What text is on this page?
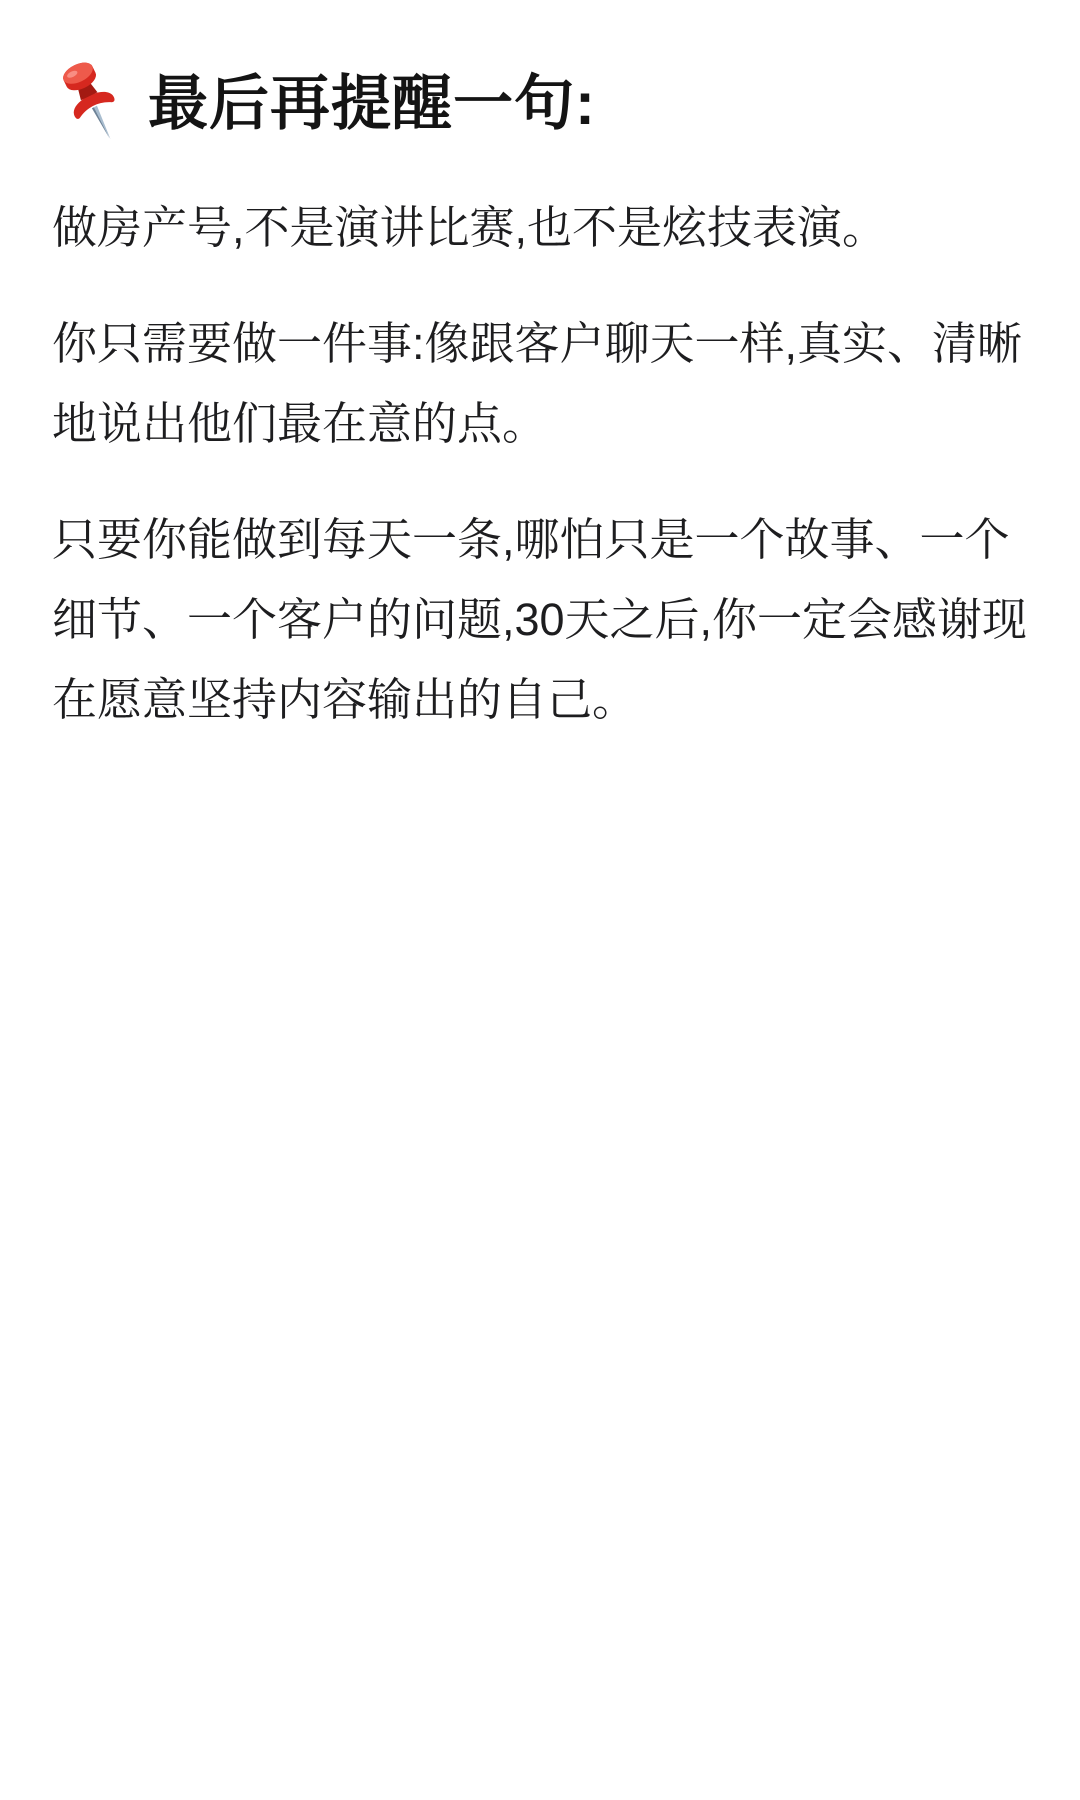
最后再提醒一句:

做房产号,不是演讲比赛,也不是炫技表演。

你只需要做一件事:像跟客户聊天一样,真实、清晰地说出他们最在意的点。

只要你能做到每天一条,哪怕只是一个故事、一个细节、一个客户的问题,30天之后,你一定会感谢现在愿意坚持内容输出的自己。
